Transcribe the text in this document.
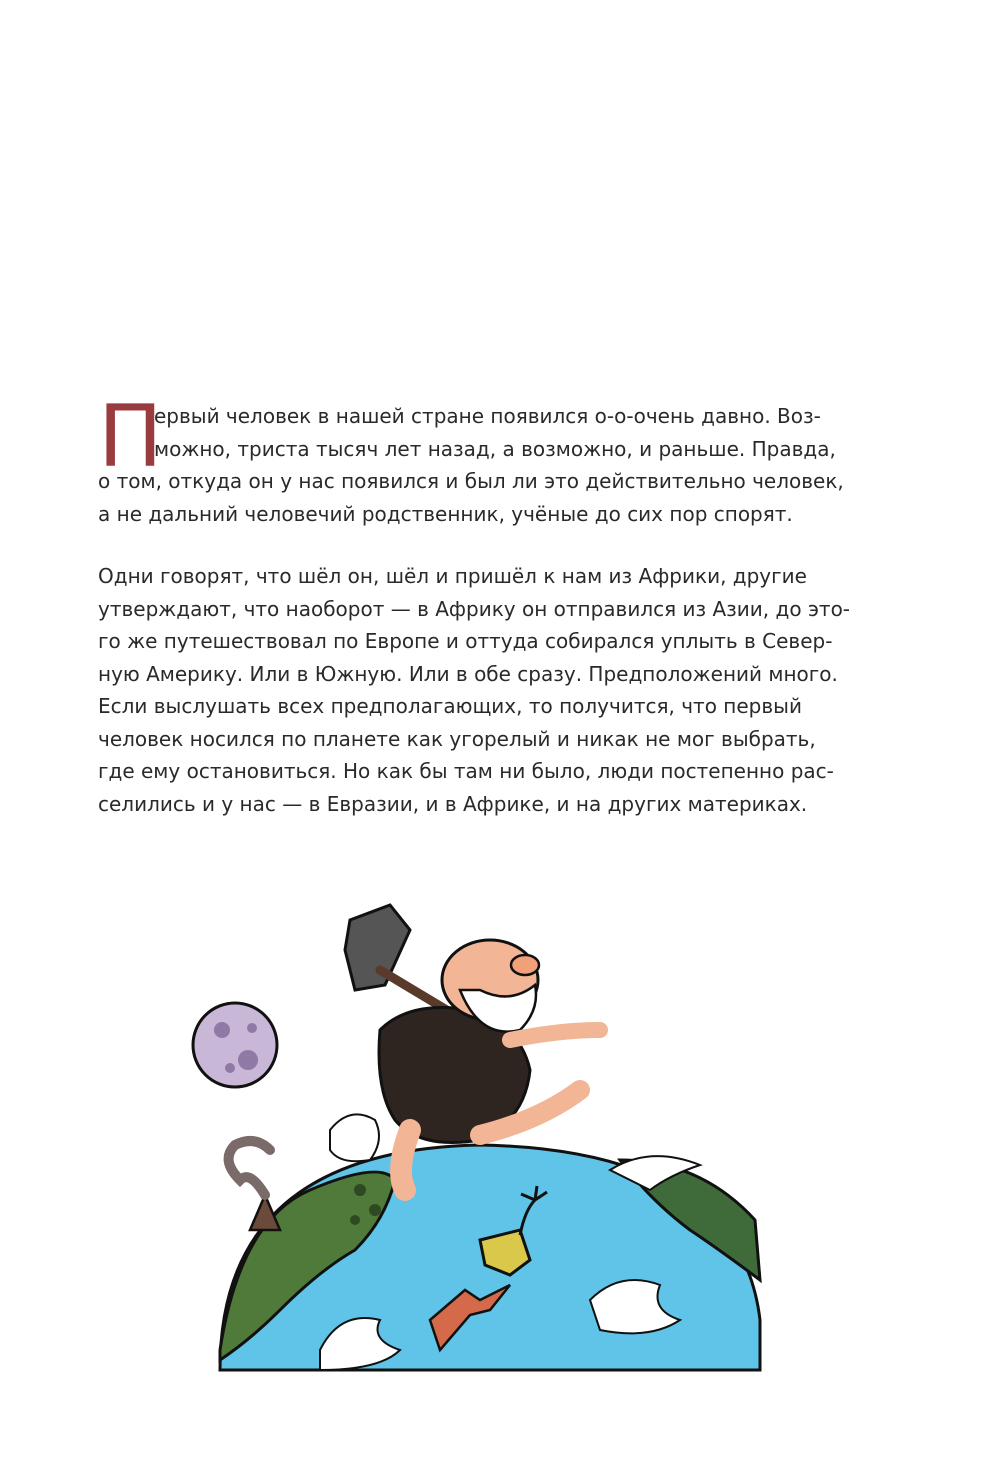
П
ервый человек в нашей стране появился о-о-очень давно. Воз-
можно, триста тысяч лет назад, а возможно, и раньше. Правда,
о том, откуда он у нас появился и был ли это действительно человек,
а не дальний человечий родственник, учёные до сих пор спорят.
Одни говорят, что шёл он, шёл и пришёл к нам из Африки, другие
утверждают, что наоборот — в Африку он отправился из Азии, до это-
го же путешествовал по Европе и оттуда собирался уплыть в Север-
ную Америку. Или в Южную. Или в обе сразу. Предположений много.
Если выслушать всех предполагающих, то получится, что первый
человек носился по планете как угорелый и никак не мог выбрать,
где ему остановиться. Но как бы там ни было, люди постепенно рас-
селились и у нас — в Евразии, и в Африке, и на других материках.
